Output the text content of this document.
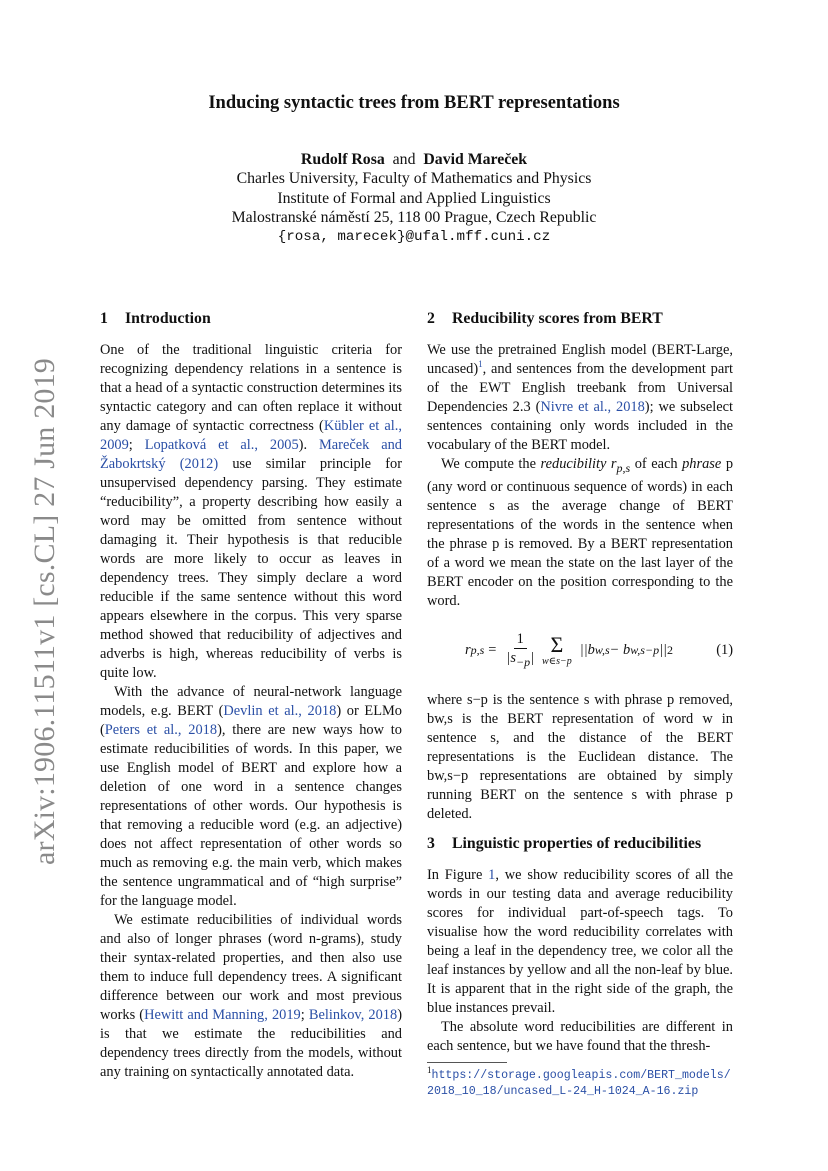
arXiv:1906.11511v1 [cs.CL] 27 Jun 2019
Inducing syntactic trees from BERT representations
Rudolf Rosa and David Mareček
Charles University, Faculty of Mathematics and Physics
Institute of Formal and Applied Linguistics
Malostranské náměstí 25, 118 00 Prague, Czech Republic
{rosa, marecek}@ufal.mff.cuni.cz
1	Introduction

One of the traditional linguistic criteria for recognizing dependency relations in a sentence is that a head of a syntactic construction determines its syntactic category and can often replace it without any damage of syntactic correctness (Kübler et al., 2009; Lopatková et al., 2005). Mareček and Žabokrtský (2012) use similar principle for unsupervised dependency parsing. They estimate “reducibility”, a property describing how easily a word may be omitted from sentence without damaging it. Their hypothesis is that reducible words are more likely to occur as leaves in dependency trees. They simply declare a word reducible if the same sentence without this word appears elsewhere in the corpus. This very sparse method showed that reducibility of adjectives and adverbs is high, whereas reducibility of verbs is quite low.

With the advance of neural-network language models, e.g. BERT (Devlin et al., 2018) or ELMo (Peters et al., 2018), there are new ways how to estimate reducibilities of words. In this paper, we use English model of BERT and explore how a deletion of one word in a sentence changes representations of other words. Our hypothesis is that removing a reducible word (e.g. an adjective) does not affect representation of other words so much as removing e.g. the main verb, which makes the sentence ungrammatical and of “high surprise” for the language model.

We estimate reducibilities of individual words and also of longer phrases (word n-grams), study their syntax-related properties, and then also use them to induce full dependency trees. A significant difference between our work and most previous works (Hewitt and Manning, 2019; Belinkov, 2018) is that we estimate the reducibilities and dependency trees directly from the models, without any training on syntactically annotated data.

2	Reducibility scores from BERT

We use the pretrained English model (BERT-Large, uncased)$^1$, and sentences from the development part of the EWT English treebank from Universal Dependencies 2.3 (Nivre et al., 2018); we subselect sentences containing only words included in the vocabulary of the BERT model.

We compute the reducibility $r_{p,s}$ of each phrase p (any word or continuous sequence of words) in each sentence s as the average change of BERT representations of the words in the sentence when the phrase p is removed. By a BERT representation of a word we mean the state on the last layer of the BERT encoder on the position corresponding to the word.

r $p,s = \frac{1}{|s_{-p}|}$ Σ
w∈s−p
||b w,s − b w,s−p || 2	(1)

where s−p is the sentence s with phrase p removed, bw,s is the BERT representation of word w in sentence s, and the distance of the BERT representations is the Euclidean distance. The bw,s−p representations are obtained by simply running BERT on the sentence s with phrase p deleted.

3	Linguistic properties of reducibilities

In Figure 1, we show reducibility scores of all the words in our testing data and average reducibility scores for individual part-of-speech tags. To visualise how the word reducibility correlates with being a leaf in the dependency tree, we color all the leaf instances by yellow and all the non-leaf by blue. It is apparent that in the right side of the graph, the blue instances prevail.

The absolute word reducibilities are different in each sentence, but we have found that the thresh-

$^1$https://storage.googleapis.com/BERT_models/2018_10_18/uncased_L-24_H-1024_A-16.zip
